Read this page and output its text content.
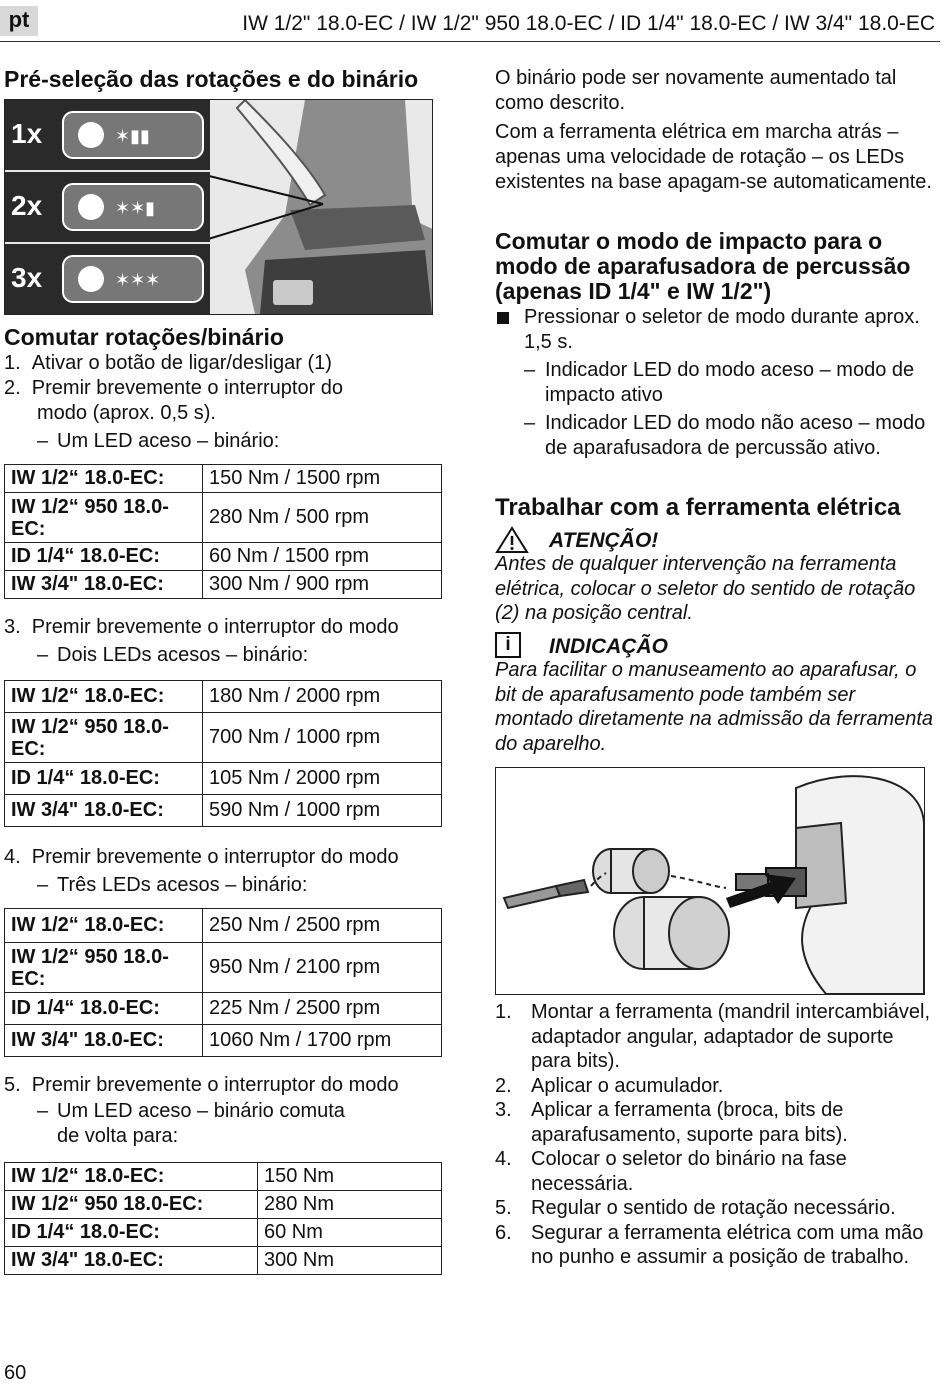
pt	IW 1/2" 18.0-EC / IW 1/2" 950 18.0-EC / ID 1/4" 18.0-EC / IW 3/4" 18.0-EC
Pré-seleção das rotações e do binário
✶▮▮
✶✶▮
✶✶✶
1x
2x
3x
Comutar rotações/binário
1.  Ativar o botão de ligar/desligar (1)
2.  Premir brevemente o interruptor do
modo (aprox. 0,5 s).
– Um LED aceso – binário:
IW 1/2“ 18.0-EC:	150 Nm / 1500 rpm
IW 1/2“ 950 18.0-EC:	280 Nm / 500 rpm
ID 1/4“ 18.0-EC:	60 Nm / 1500 rpm
IW 3/4" 18.0-EC:	300 Nm / 900 rpm
3.  Premir brevemente o interruptor do modo
– Dois LEDs acesos – binário:
IW 1/2“ 18.0-EC:	180 Nm / 2000 rpm
IW 1/2“ 950 18.0-EC:	700 Nm / 1000 rpm
ID 1/4“ 18.0-EC:	105 Nm / 2000 rpm
IW 3/4" 18.0-EC:	590 Nm / 1000 rpm
4.  Premir brevemente o interruptor do modo
– Três LEDs acesos – binário:
IW 1/2“ 18.0-EC:	250 Nm / 2500 rpm
IW 1/2“ 950 18.0-EC:	950 Nm / 2100 rpm
ID 1/4“ 18.0-EC:	225 Nm / 2500 rpm
IW 3/4" 18.0-EC:	1060 Nm / 1700 rpm
5.  Premir brevemente o interruptor do modo
– Um LED aceso – binário comuta
de volta para:
IW 1/2“ 18.0-EC:	150 Nm
IW 1/2“ 950 18.0-EC:	280 Nm
ID 1/4“ 18.0-EC:	60 Nm
IW 3/4" 18.0-EC:	300 Nm
O binário pode ser novamente aumentado tal como descrito.
Com a ferramenta elétrica em marcha atrás – apenas uma velocidade de rotação – os LEDs existentes na base apagam-se automaticamente.
Comutar o modo de impacto para o modo de aparafusadora de percussão (apenas ID 1/4" e IW 1/2")
Pressionar o seletor de modo durante aprox. 1,5 s.
– Indicador LED do modo aceso – modo de impacto ativo
– Indicador LED do modo não aceso – modo de aparafusadora de percussão ativo.
Trabalhar com a ferramenta elétrica
ATENÇÃO!
Antes de qualquer intervenção na ferramenta elétrica, colocar o seletor do sentido de rotação (2) na posição central.
i	INDICAÇÃO
Para facilitar o manuseamento ao aparafusar, o bit de aparafusamento pode também ser montado diretamente na admissão da ferramenta do aparelho.
1. Montar a ferramenta (mandril intercambiável, adaptador angular, adaptador de suporte para bits).
2. Aplicar o acumulador.
3. Aplicar a ferramenta (broca, bits de aparafusamento, suporte para bits).
4. Colocar o seletor do binário na fase necessária.
5. Regular o sentido de rotação necessário.
6. Segurar a ferramenta elétrica com uma mão no punho e assumir a posição de trabalho.
60
